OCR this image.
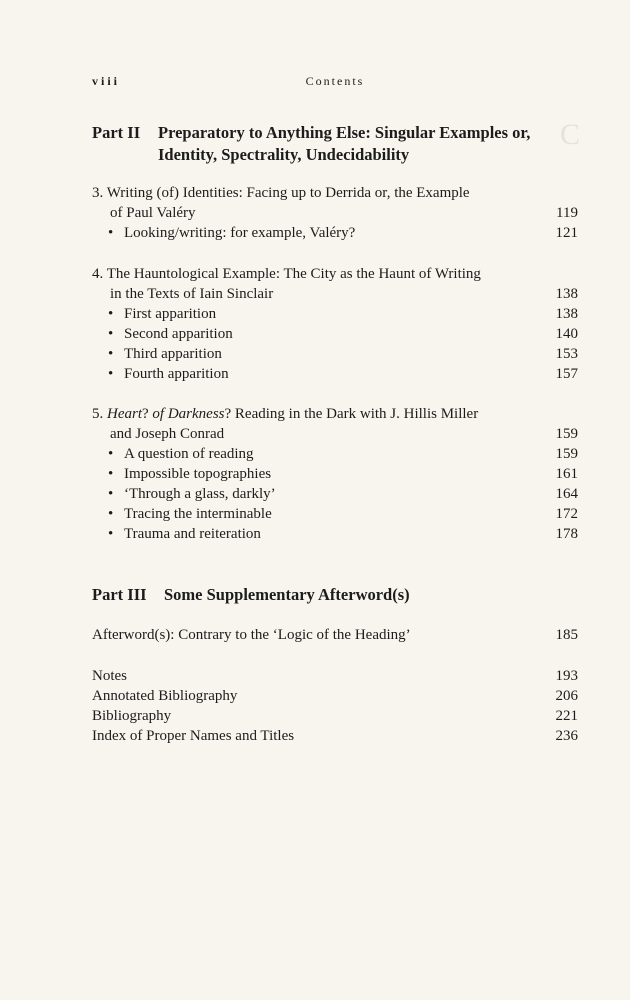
C
viii	Contents
Part II Preparatory to Anything Else: Singular Examples or,
Identity, Spectrality, Undecidability
3. Writing (of) Identities: Facing up to Derrida or, the Example
of Paul Valéry	119
• Looking/writing: for example, Valéry?	121
4. The Hauntological Example: The City as the Haunt of Writing
in the Texts of Iain Sinclair	138
• First apparition	138
• Second apparition	140
• Third apparition	153
• Fourth apparition	157
5. Heart? of Darkness? Reading in the Dark with J. Hillis Miller
and Joseph Conrad	159
• A question of reading	159
• Impossible topographies	161
• ‘Through a glass, darkly’	164
• Tracing the interminable	172
• Trauma and reiteration	178
Part III Some Supplementary Afterword(s)
Afterword(s): Contrary to the ‘Logic of the Heading’	185
Notes	193
Annotated Bibliography	206
Bibliography	221
Index of Proper Names and Titles	236
